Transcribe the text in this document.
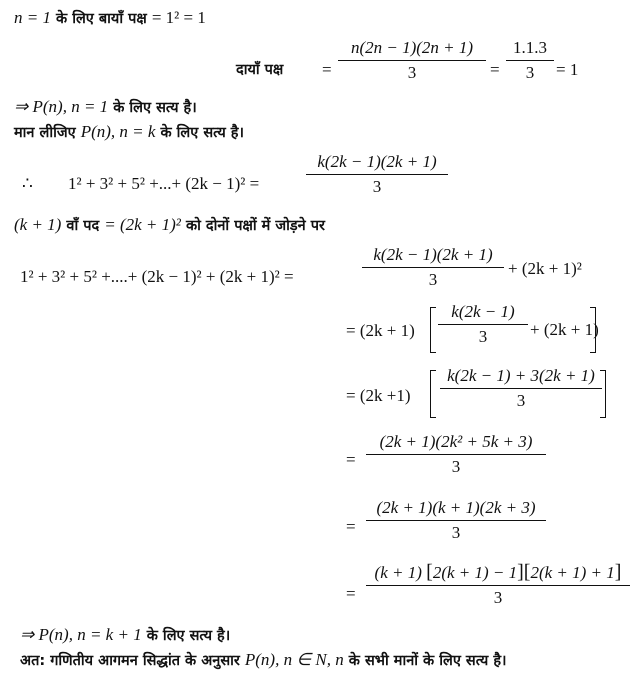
n = 1 के लिए बायाँ पक्ष = 1² = 1
दायाँ पक्ष =
n(2n − 1)(2n + 1)
3	=
1.1.3
3	= 1
⇒ P(n), n = 1 के लिए सत्य है।
मान लीजिए P(n), n = k के लिए सत्य है।
∴ 1² + 3² + 5² +...+ (2k − 1)² =
k(2k − 1)(2k + 1)
3
(k + 1) वाँ पद = (2k + 1)² को दोनों पक्षों में जोड़ने पर
1² + 3² + 5² +....+ (2k − 1)² + (2k + 1)² =
k(2k − 1)(2k + 1)
3
+ (2k + 1)²
= (2k + 1)
k(2k − 1)
3	+ (2k + 1)
= (2k +1)
k(2k − 1) + 3(2k + 1)
3
=
(2k + 1)(2k² + 5k + 3)
3
=
(2k + 1)(k + 1)(2k + 3)
3
=
(k + 1) [2(k + 1) − 1][2(k + 1) + 1]
3
⇒ P(n), n = k + 1 के लिए सत्य है।
अत: गणितीय आगमन सिद्धांत के अनुसार P(n), n ∈ N, n के सभी मानों के लिए सत्य है।
